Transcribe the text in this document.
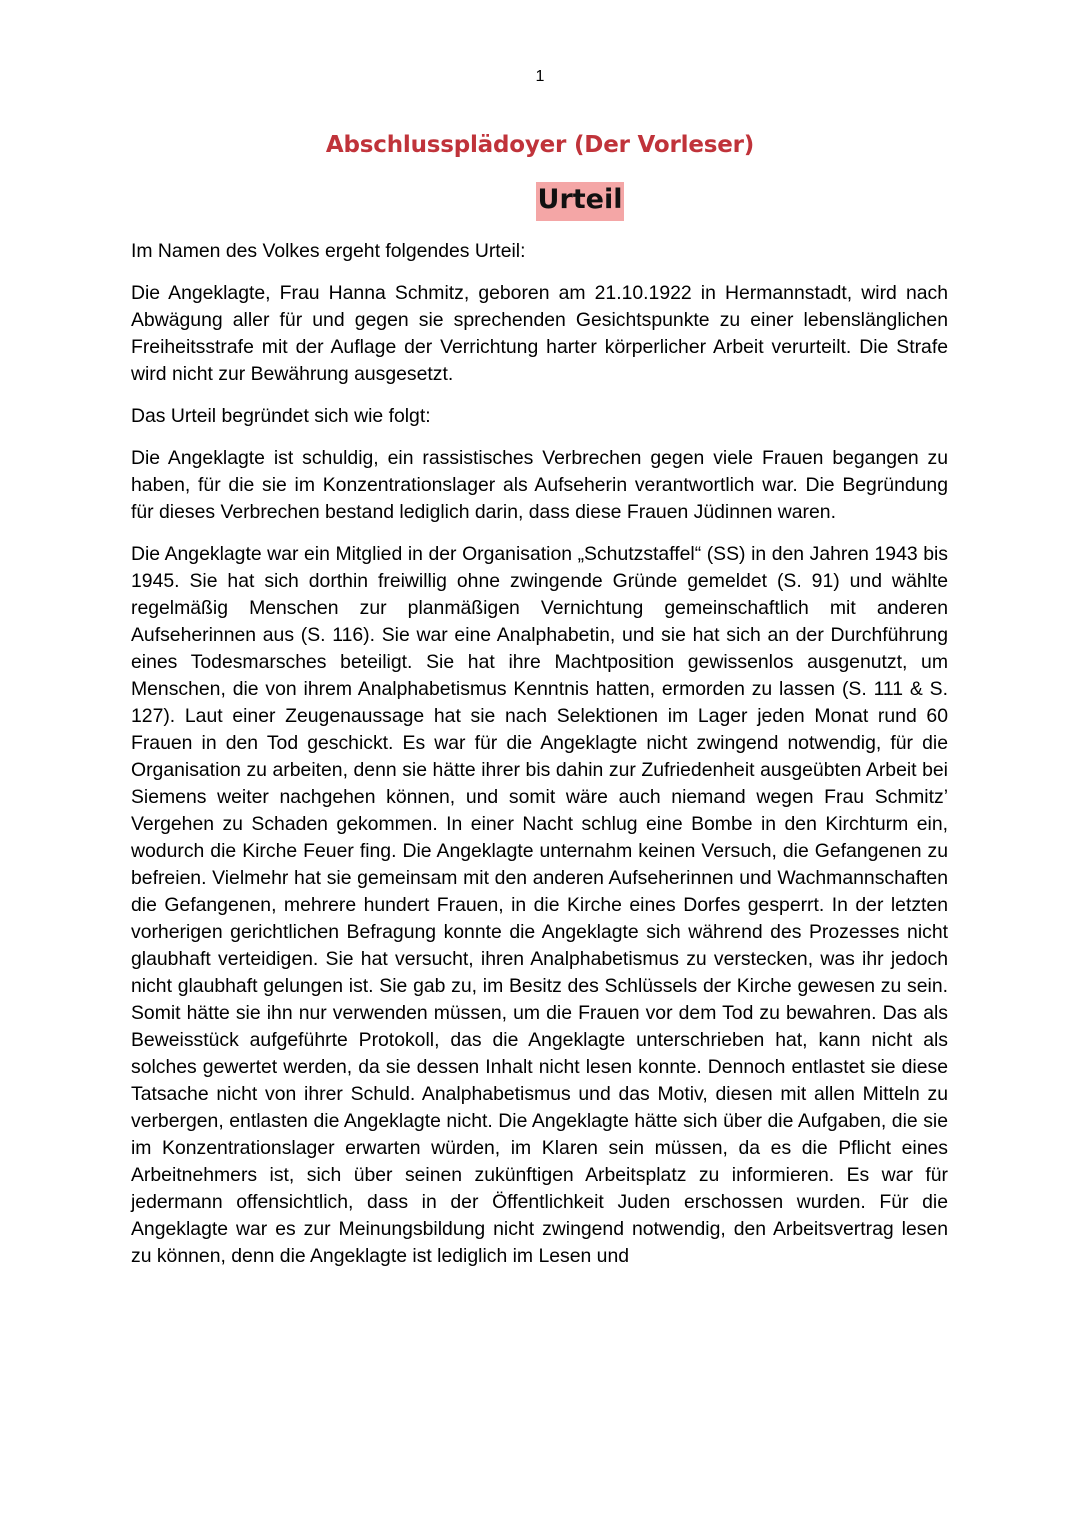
1
Abschlussplädoyer (Der Vorleser)
Urteil

Im Namen des Volkes ergeht folgendes Urteil:

Die Angeklagte, Frau Hanna Schmitz, geboren am 21.10.1922 in Hermannstadt, wird nach Abwägung aller für und gegen sie sprechenden Gesichtspunkte zu einer lebenslänglichen Freiheitsstrafe mit der Auflage der Verrichtung harter körperlicher Arbeit verurteilt. Die Strafe wird nicht zur Bewährung ausgesetzt.

Das Urteil begründet sich wie folgt:

Die Angeklagte ist schuldig, ein rassistisches Verbrechen gegen viele Frauen begangen zu haben, für die sie im Konzentrationslager als Aufseherin verantwortlich war. Die Begründung für dieses Verbrechen bestand lediglich darin, dass diese Frauen Jüdinnen waren.

Die Angeklagte war ein Mitglied in der Organisation „Schutzstaffel“ (SS) in den Jahren 1943 bis 1945. Sie hat sich dorthin freiwillig ohne zwingende Gründe gemeldet (S. 91) und wählte regelmäßig Menschen zur planmäßigen Vernichtung gemeinschaftlich mit anderen Aufseherinnen aus (S. 116). Sie war eine Analphabetin, und sie hat sich an der Durchführung eines Todesmarsches beteiligt. Sie hat ihre Machtposition gewissenlos ausgenutzt, um Menschen, die von ihrem Analphabetismus Kenntnis hatten, ermorden zu lassen (S. 111 & S. 127). Laut einer Zeugenaussage hat sie nach Selektionen im Lager jeden Monat rund 60 Frauen in den Tod geschickt. Es war für die Angeklagte nicht zwingend notwendig, für die Organisation zu arbeiten, denn sie hätte ihrer bis dahin zur Zufriedenheit ausgeübten Arbeit bei Siemens weiter nachgehen können, und somit wäre auch niemand wegen Frau Schmitz’ Vergehen zu Schaden gekommen. In einer Nacht schlug eine Bombe in den Kirchturm ein, wodurch die Kirche Feuer fing. Die Angeklagte unternahm keinen Versuch, die Gefangenen zu befreien. Vielmehr hat sie gemeinsam mit den anderen Aufseherinnen und Wachmannschaften die Gefangenen, mehrere hundert Frauen, in die Kirche eines Dorfes gesperrt. In der letzten vorherigen gerichtlichen Befragung konnte die Angeklagte sich während des Prozesses nicht glaubhaft verteidigen. Sie hat versucht, ihren Analphabetismus zu verstecken, was ihr jedoch nicht glaubhaft gelungen ist. Sie gab zu, im Besitz des Schlüssels der Kirche gewesen zu sein. Somit hätte sie ihn nur verwenden müssen, um die Frauen vor dem Tod zu bewahren. Das als Beweisstück aufgeführte Protokoll, das die Angeklagte unterschrieben hat, kann nicht als solches gewertet werden, da sie dessen Inhalt nicht lesen konnte. Dennoch entlastet sie diese Tatsache nicht von ihrer Schuld. Analphabetismus und das Motiv, diesen mit allen Mitteln zu verbergen, entlasten die Angeklagte nicht. Die Angeklagte hätte sich über die Aufgaben, die sie im Konzentrationslager erwarten würden, im Klaren sein müssen, da es die Pflicht eines Arbeitnehmers ist, sich über seinen zukünftigen Arbeitsplatz zu informieren. Es war für jedermann offensichtlich, dass in der Öffentlichkeit Juden erschossen wurden. Für die Angeklagte war es zur Meinungsbildung nicht zwingend notwendig, den Arbeitsvertrag lesen zu können, denn die Angeklagte ist lediglich im Lesen und
